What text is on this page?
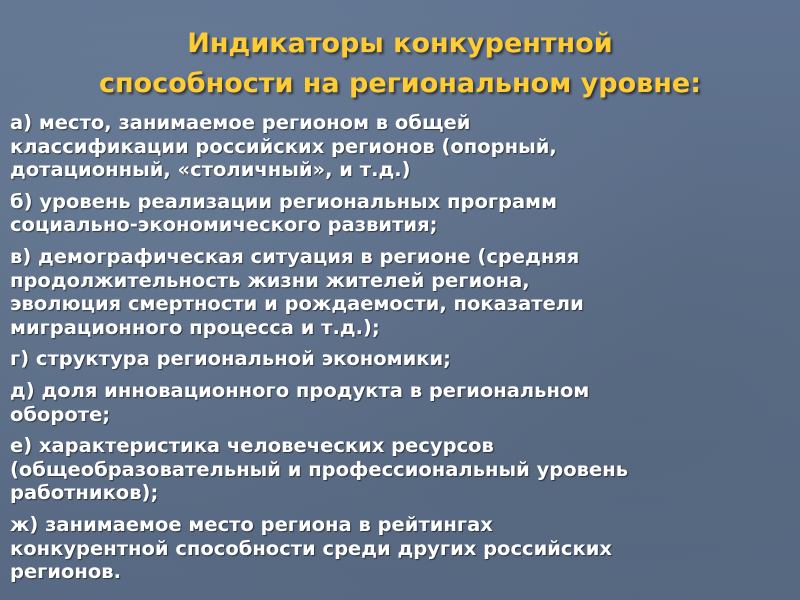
Индикаторы конкурентной
способности на региональном уровне:
а) место, занимаемое регионом в общей
классификации российских регионов (опорный,
дотационный, «столичный», и т.д.)
б) уровень реализации региональных программ
социально-экономического развития;
в) демографическая ситуация в регионе (средняя
продолжительность жизни жителей региона,
эволюция смертности и рождаемости, показатели
миграционного процесса и т.д.);
г) структура региональной экономики;
д) доля инновационного продукта в региональном
обороте;
е) характеристика человеческих ресурсов
(общеобразовательный и профессиональный уровень
работников);
ж) занимаемое место региона в рейтингах
конкурентной способности среди других российских
регионов.
